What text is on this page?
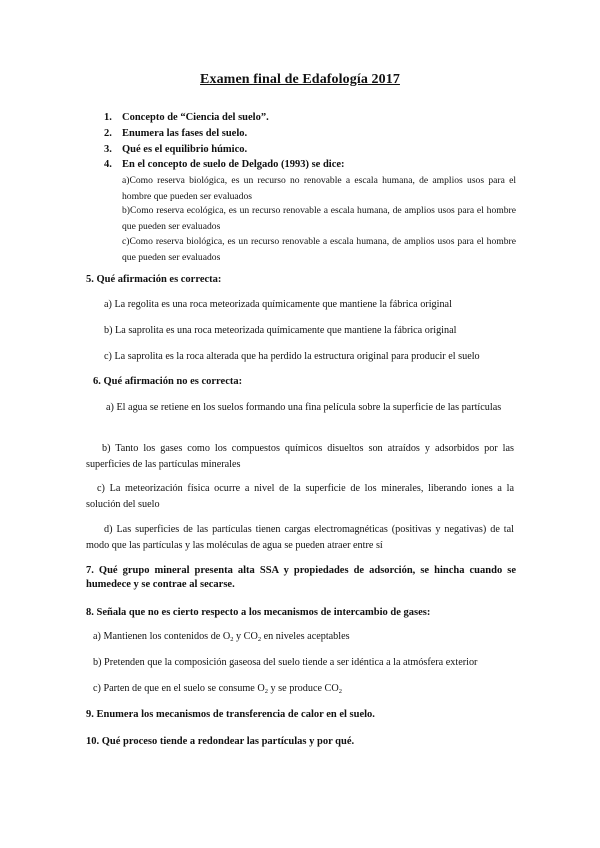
Examen final de Edafología 2017
1. Concepto de “Ciencia del suelo”.
2. Enumera las fases del suelo.
3. Qué es el equilibrio húmico.
4. En el concepto de suelo de Delgado (1993) se dice:
a)Como reserva biológica, es un recurso no renovable a escala humana, de amplios usos para el hombre que pueden ser evaluados
b)Como reserva ecológica, es un recurso renovable a escala humana, de amplios usos para el hombre que pueden ser evaluados
c)Como reserva biológica, es un recurso renovable a escala humana, de amplios usos para el hombre que pueden ser evaluados
5. Qué afirmación es correcta:
a) La regolita es una roca meteorizada químicamente que mantiene la fábrica original
b) La saprolita es una roca meteorizada químicamente que mantiene la fábrica original
c) La saprolita es la roca alterada que ha perdido la estructura original para producir el suelo
6. Qué afirmación no es correcta:
a) El agua se retiene en los suelos formando una fina película sobre la superficie de las partículas
b) Tanto los gases como los compuestos químicos disueltos son atraídos y adsorbidos por las superficies de las partículas minerales
c) La meteorización física ocurre a nivel de la superficie de los minerales, liberando iones a la solución del suelo
d) Las superficies de las partículas tienen cargas electromagnéticas (positivas y negativas) de tal modo que las partículas y las moléculas de agua se pueden atraer entre sí
7. Qué grupo mineral presenta alta SSA y propiedades de adsorción, se hincha cuando se humedece y se contrae al secarse.
8. Señala que no es cierto respecto a los mecanismos de intercambio de gases:
a) Mantienen los contenidos de $O_2$ y $CO_2$ en niveles aceptables
b) Pretenden que la composición gaseosa del suelo tiende a ser idéntica a la atmósfera exterior
c) Parten de que en el suelo se consume $O_2$ y se produce $CO_2$
9. Enumera los mecanismos de transferencia de calor en el suelo.
10. Qué proceso tiende a redondear las partículas y por qué.
